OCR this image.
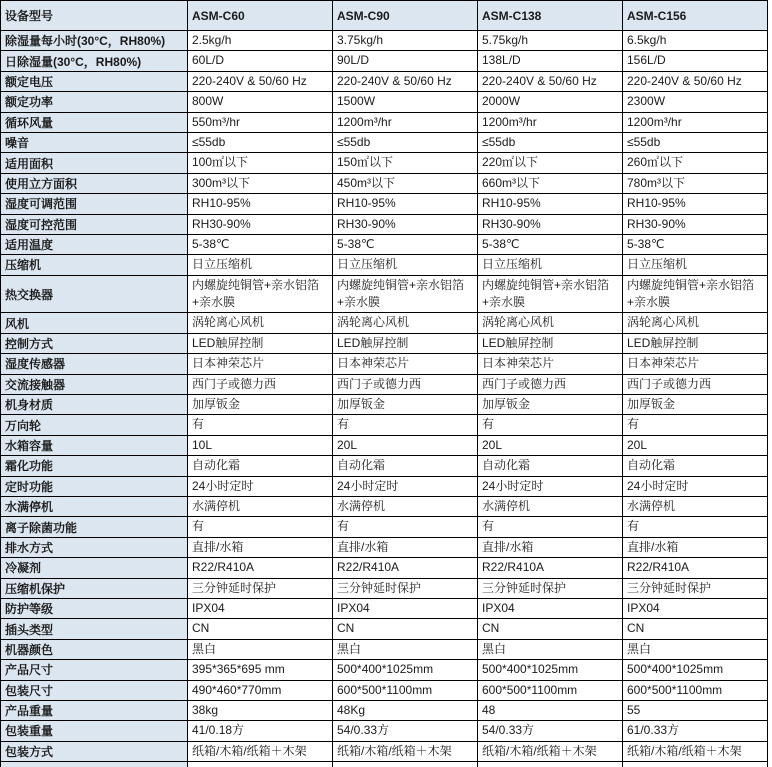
设备型号	ASM-C60	ASM-C90	ASM-C138	ASM-C156
除湿量每小时(30°C，RH80%)	2.5kg/h	3.75kg/h	5.75kg/h	6.5kg/h
日除湿量(30°C，RH80%)	60L/D	90L/D	138L/D	156L/D
额定电压	220-240V & 50/60 Hz	220-240V & 50/60 Hz	220-240V & 50/60 Hz	220-240V & 50/60 Hz
额定功率	800W	1500W	2000W	2300W
循环风量	550m³/hr	1200m³/hr	1200m³/hr	1200m³/hr
噪音	≤55db	≤55db	≤55db	≤55db
适用面积	100㎡以下	150㎡以下	220㎡以下	260㎡以下
使用立方面积	300m³以下	450m³以下	660m³以下	780m³以下
湿度可调范围	RH10-95%	RH10-95%	RH10-95%	RH10-95%
湿度可控范围	RH30-90%	RH30-90%	RH30-90%	RH30-90%
适用温度	5-38℃	5-38℃	5-38℃	5-38℃
压缩机	日立压缩机	日立压缩机	日立压缩机	日立压缩机
热交换器	内螺旋纯铜管+亲水铝箔+亲水膜	内螺旋纯铜管+亲水铝箔+亲水膜	内螺旋纯铜管+亲水铝箔+亲水膜	内螺旋纯铜管+亲水铝箔+亲水膜
风机	涡轮离心风机	涡轮离心风机	涡轮离心风机	涡轮离心风机
控制方式	LED触屏控制	LED触屏控制	LED触屏控制	LED触屏控制
湿度传感器	日本神荣芯片	日本神荣芯片	日本神荣芯片	日本神荣芯片
交流接触器	西门子或德力西	西门子或德力西	西门子或德力西	西门子或德力西
机身材质	加厚钣金	加厚钣金	加厚钣金	加厚钣金
万向轮	有	有	有	有
水箱容量	10L	20L	20L	20L
霜化功能	自动化霜	自动化霜	自动化霜	自动化霜
定时功能	24小时定时	24小时定时	24小时定时	24小时定时
水满停机	水满停机	水满停机	水满停机	水满停机
离子除菌功能	有	有	有	有
排水方式	直排/水箱	直排/水箱	直排/水箱	直排/水箱
冷凝剂	R22/R410A	R22/R410A	R22/R410A	R22/R410A
压缩机保护	三分钟延时保护	三分钟延时保护	三分钟延时保护	三分钟延时保护
防护等级	IPX04	IPX04	IPX04	IPX04
插头类型	CN	CN	CN	CN
机器颜色	黑白	黑白	黑白	黑白
产品尺寸	395*365*695 mm	500*400*1025mm	500*400*1025mm	500*400*1025mm
包装尺寸	490*460*770mm	600*500*1100mm	600*500*1100mm	600*500*1100mm
产品重量	38kg	48Kg	48	55
包装重量	41/0.18方	54/0.33方	54/0.33方	61/0.33方
包装方式	纸箱/木箱/纸箱＋木架	纸箱/木箱/纸箱＋木架	纸箱/木箱/纸箱＋木架	纸箱/木箱/纸箱＋木架
